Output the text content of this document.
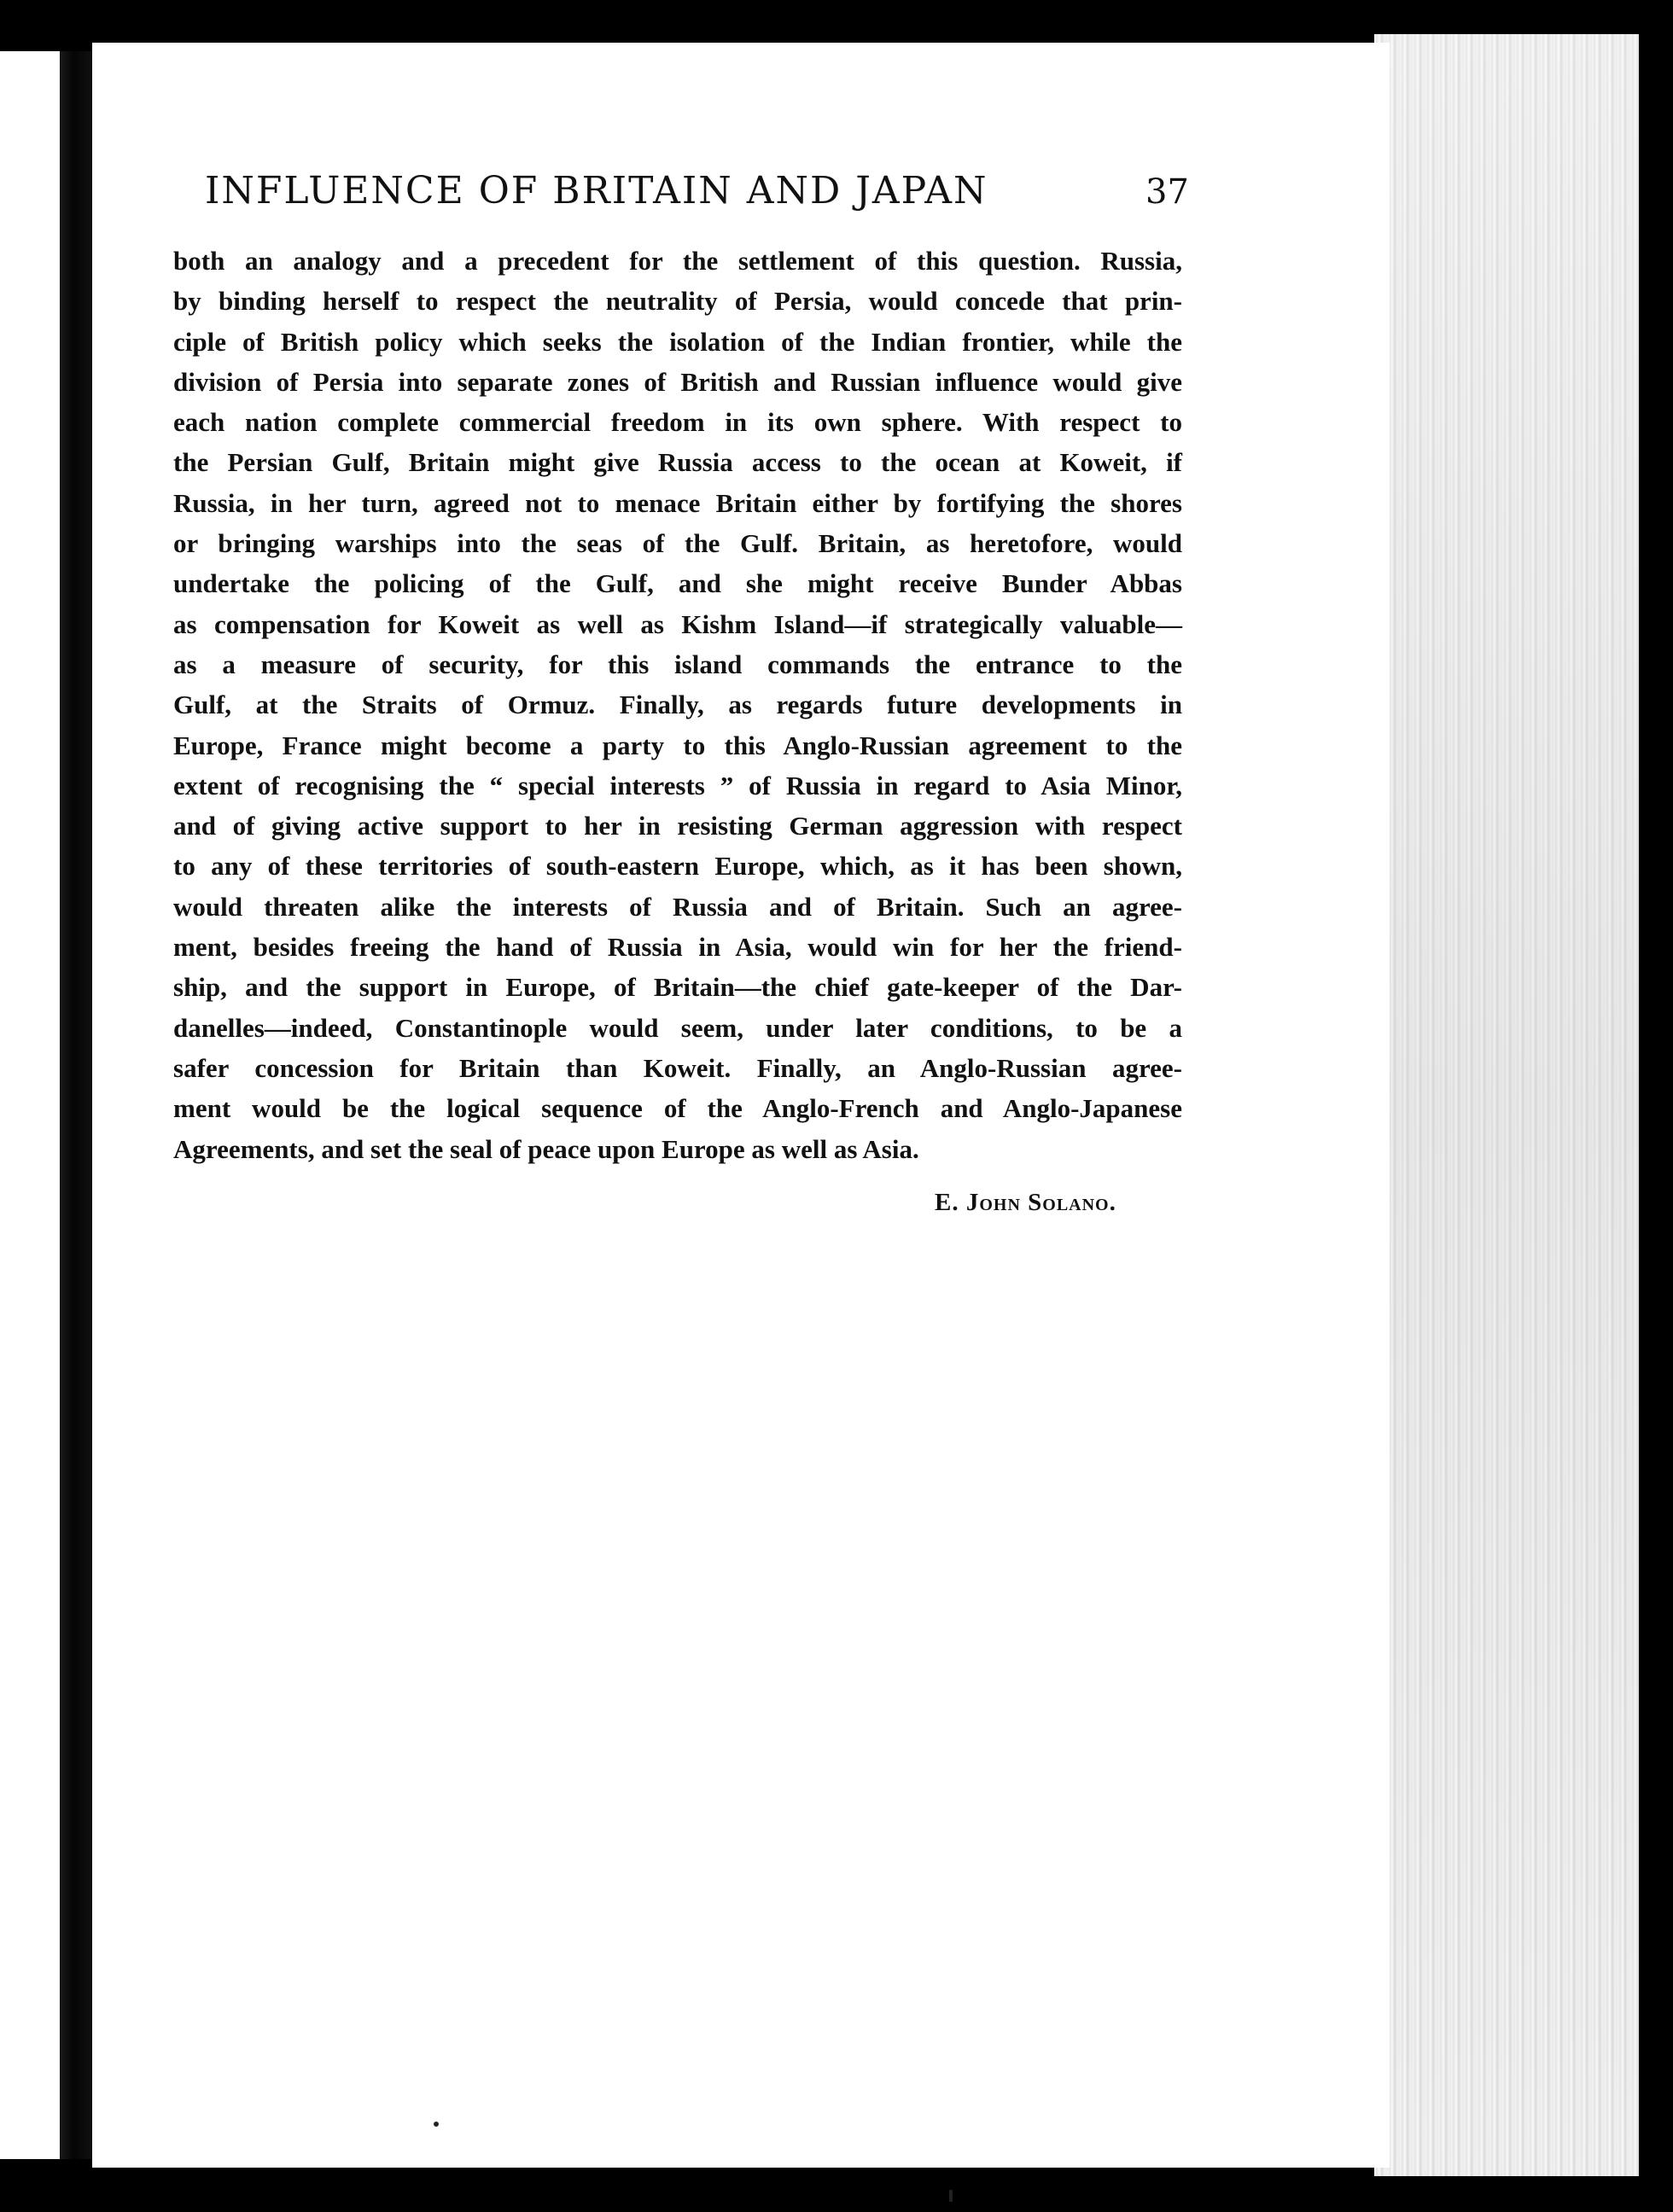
INFLUENCE OF BRITAIN AND JAPAN	37
both an analogy and a precedent for the settlement of this question. Russia,
by binding herself to respect the neutrality of Persia, would concede that prin-
ciple of British policy which seeks the isolation of the Indian frontier, while the
division of Persia into separate zones of British and Russian influence would give
each nation complete commercial freedom in its own sphere. With respect to
the Persian Gulf, Britain might give Russia access to the ocean at Koweit, if
Russia, in her turn, agreed not to menace Britain either by fortifying the shores
or bringing warships into the seas of the Gulf. Britain, as heretofore, would
undertake the policing of the Gulf, and she might receive Bunder Abbas
as compensation for Koweit as well as Kishm Island—if strategically valuable—
as a measure of security, for this island commands the entrance to the
Gulf, at the Straits of Ormuz. Finally, as regards future developments in
Europe, France might become a party to this Anglo-Russian agreement to the
extent of recognising the “ special interests ” of Russia in regard to Asia Minor,
and of giving active support to her in resisting German aggression with respect
to any of these territories of south-eastern Europe, which, as it has been shown,
would threaten alike the interests of Russia and of Britain. Such an agree-
ment, besides freeing the hand of Russia in Asia, would win for her the friend-
ship, and the support in Europe, of Britain—the chief gate-keeper of the Dar-
danelles—indeed, Constantinople would seem, under later conditions, to be a
safer concession for Britain than Koweit. Finally, an Anglo-Russian agree-
ment would be the logical sequence of the Anglo-French and Anglo-Japanese
Agreements, and set the seal of peace upon Europe as well as Asia.
E. John Solano.
